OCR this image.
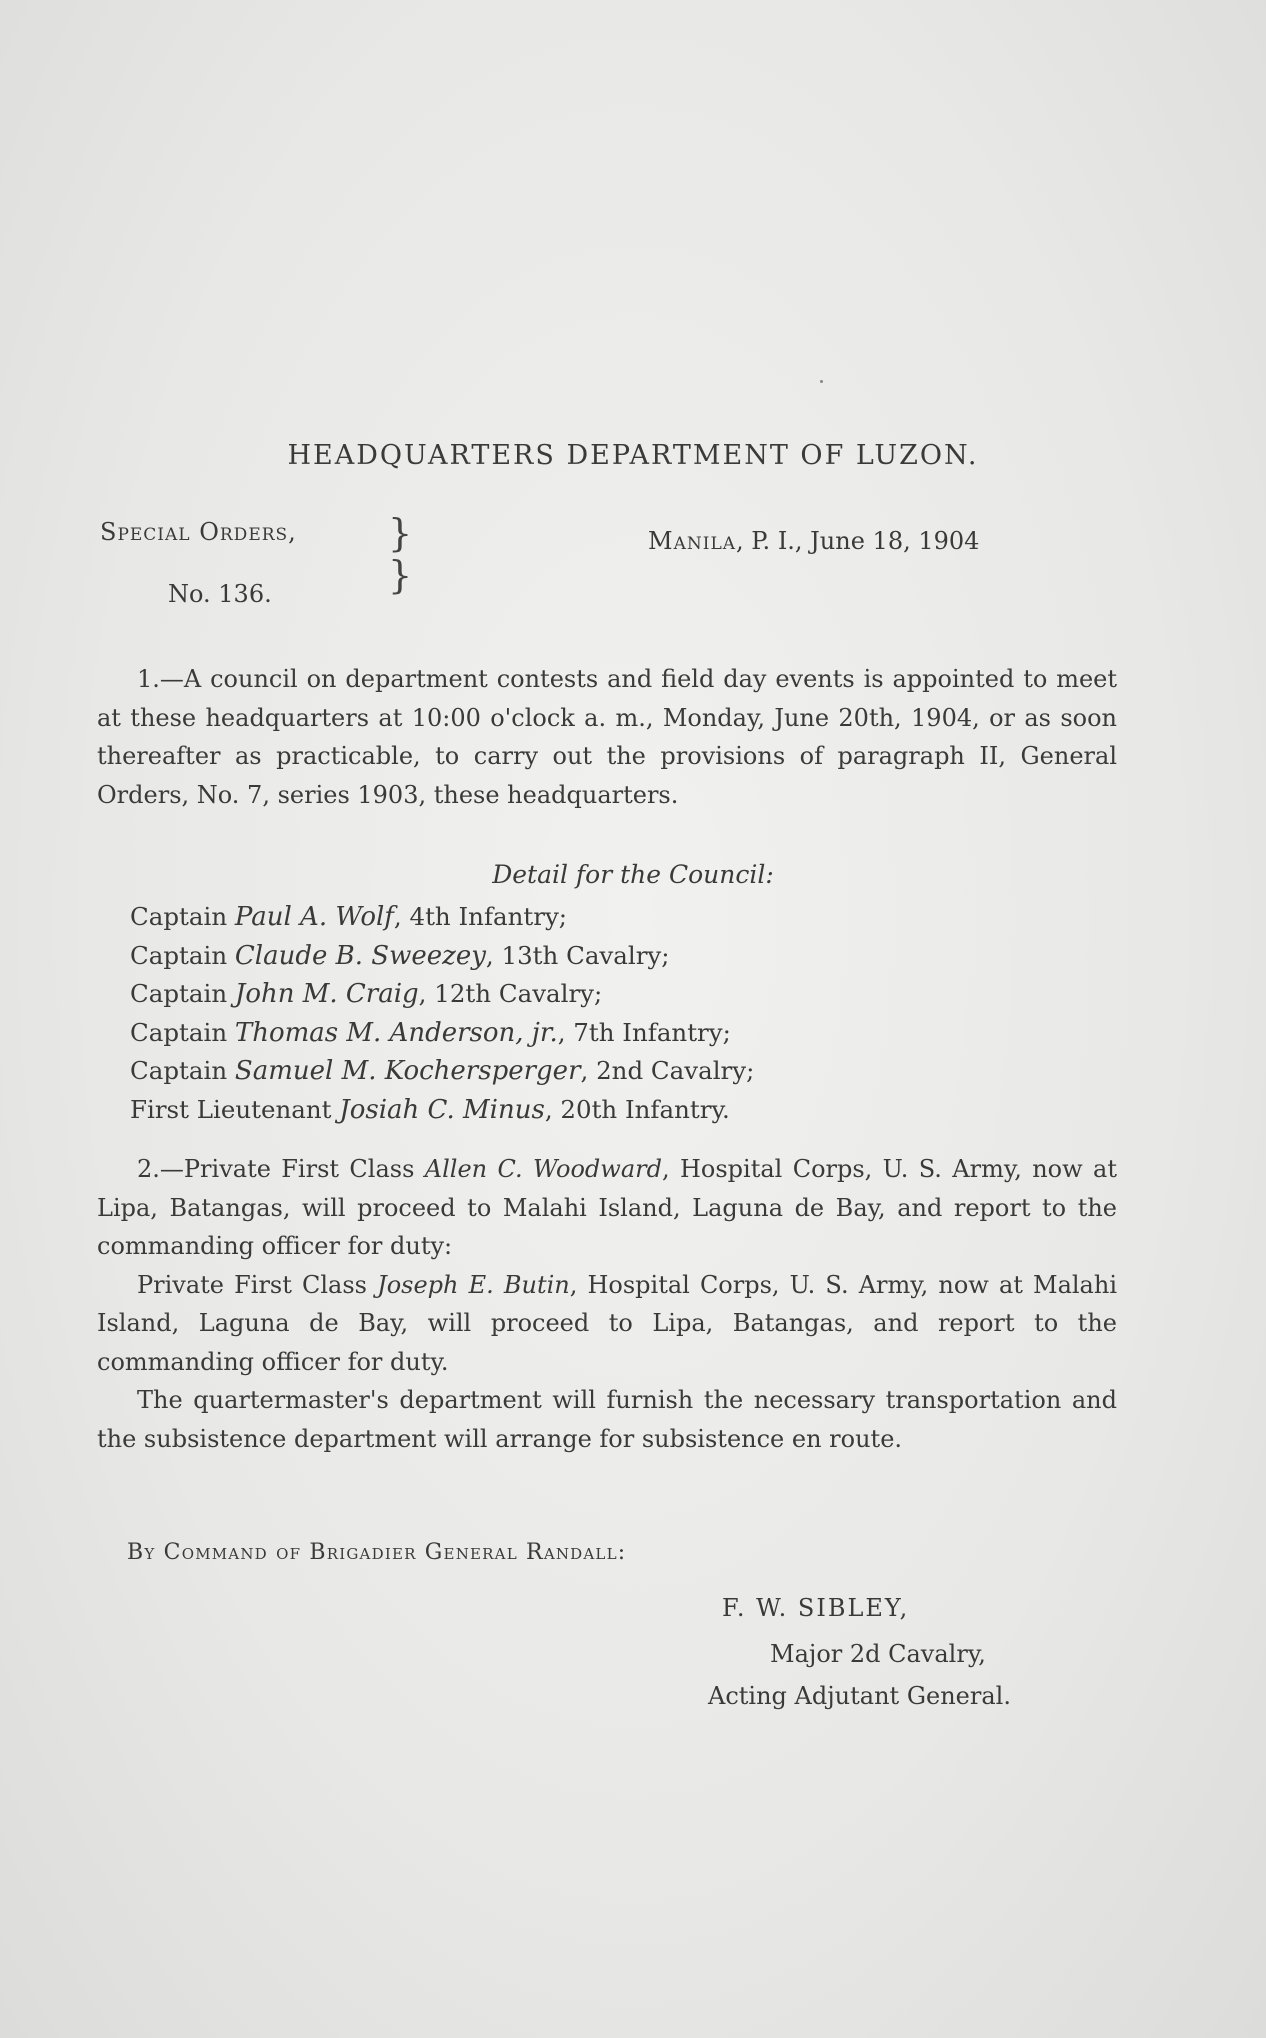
HEADQUARTERS DEPARTMENT OF LUZON.
Special Orders,
No. 136.
}
}
Manila, P. I., June 18, 1904

1.—A council on department contests and field day events is appointed to meet at these headquarters at 10:00 o'clock a. m., Monday, June 20th, 1904, or as soon thereafter as practicable, to carry out the provisions of paragraph II, General Orders, No. 7, series 1903, these headquarters.

Detail for the Council:
Captain Paul A. Wolf, 4th Infantry;
Captain Claude B. Sweezey, 13th Cavalry;
Captain John M. Craig, 12th Cavalry;
Captain Thomas M. Anderson, jr., 7th Infantry;
Captain Samuel M. Kochersperger, 2nd Cavalry;
First Lieutenant Josiah C. Minus, 20th Infantry.

2.—Private First Class Allen C. Woodward, Hospital Corps, U. S. Army, now at Lipa, Batangas, will proceed to Malahi Island, Laguna de Bay, and report to the commanding officer for duty:

Private First Class Joseph E. Butin, Hospital Corps, U. S. Army, now at Malahi Island, Laguna de Bay, will proceed to Lipa, Batangas, and report to the commanding officer for duty.

The quartermaster's department will furnish the necessary transportation and the subsistence department will arrange for subsistence en route.

By Command of Brigadier General Randall:
F. W. SIBLEY,
Major 2d Cavalry,
Acting Adjutant General.
